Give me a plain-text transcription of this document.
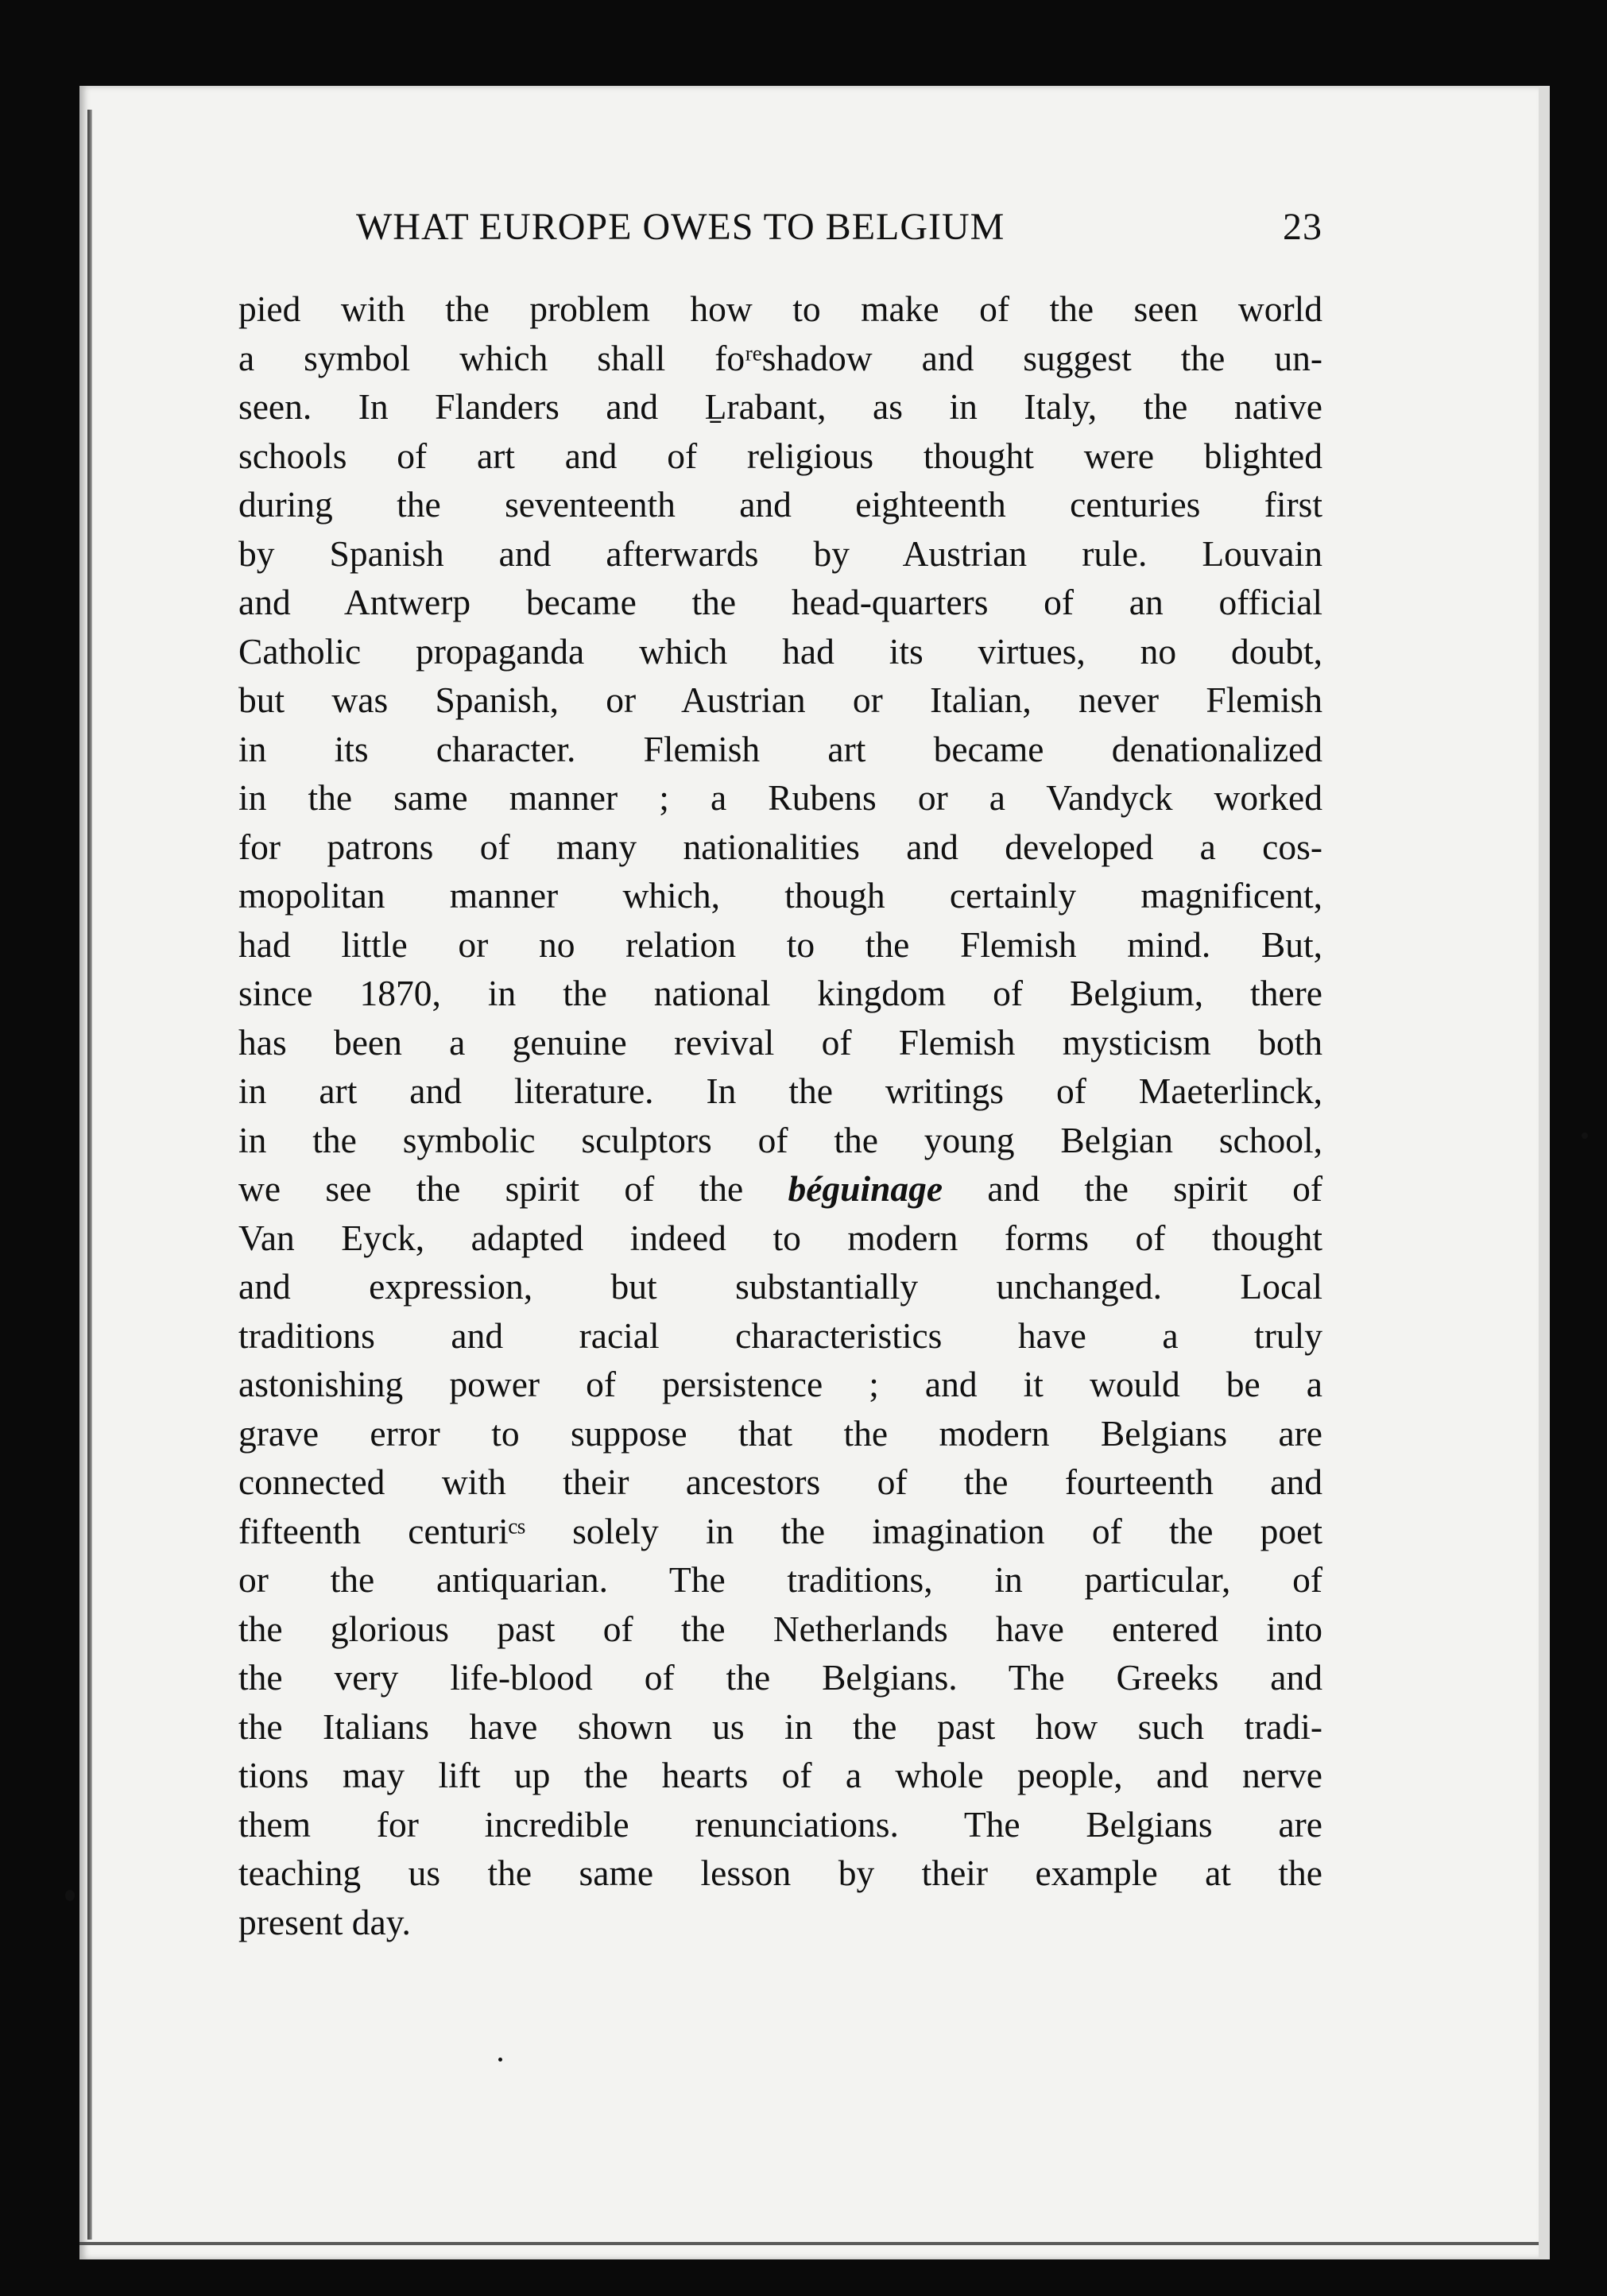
WHAT EUROPE OWES TO BELGIUM	23

pied with the problem how to make of the seen world
a symbol which shall foʳᵉshadow and suggest the un-
seen. In Flanders and Ḻrabant, as in Italy, the native
schools of art and of religious thought were blighted
during the seventeenth and eighteenth centuries first
by Spanish and afterwards by Austrian rule. Louvain
and Antwerp became the head-quarters of an official
Catholic propaganda which had its virtues, no doubt,
but was Spanish, or Austrian or Italian, never Flemish
in its character. Flemish art became denationalized
in the same manner ; a Rubens or a Vandyck worked
for patrons of many nationalities and developed a cos-
mopolitan manner which, though certainly magnificent,
had little or no relation to the Flemish mind. But,
since 1870, in the national kingdom of Belgium, there
has been a genuine revival of Flemish mysticism both
in art and literature. In the writings of Maeterlinck,
in the symbolic sculptors of the young Belgian school,
we see the spirit of the béguinage and the spirit of
Van Eyck, adapted indeed to modern forms of thought
and expression, but substantially unchanged. Local
traditions and racial characteristics have a truly
astonishing power of persistence ; and it would be a
grave error to suppose that the modern Belgians are
connected with their ancestors of the fourteenth and
fifteenth centuriᶜˢ solely in the imagination of the poet
or the antiquarian. The traditions, in particular, of
the glorious past of the Netherlands have entered into
the very life-blood of the Belgians. The Greeks and
the Italians have shown us in the past how such tradi-
tions may lift up the hearts of a whole people, and nerve
them for incredible renunciations. The Belgians are
teaching us the same lesson by their example at the
present day.
